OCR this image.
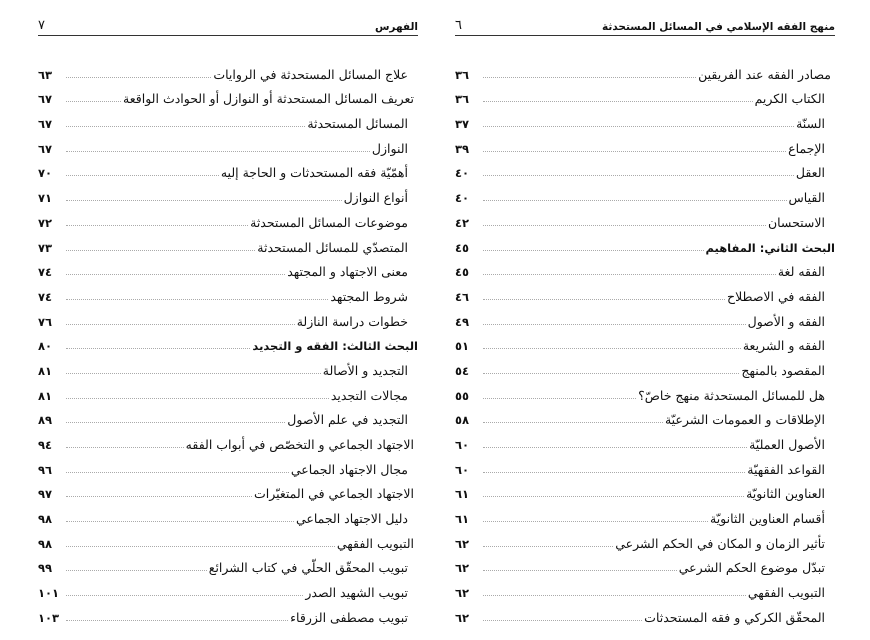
منهج الفقه الإسلامي في المسائل المستحدثة
٦
مصادر الفقه عند الفريقين
٣٦
الكتاب الكريم
٣٦
السنّة
٣٧
الإجماع
٣٩
العقل
٤٠
القياس
٤٠
الاستحسان
٤٢
البحث الثاني: المفاهيم
٤٥
الفقه لغة
٤٥
الفقه في الاصطلاح
٤٦
الفقه و الأصول
٤٩
الفقه و الشريعة
٥١
المقصود بالمنهج
٥٤
هل للمسائل المستحدثة منهج خاصّ؟
٥٥
الإطلاقات و العمومات الشرعيّة
٥٨
الأصول العمليّة
٦٠
القواعد الفقهيّة
٦٠
العناوين الثانويّة
٦١
أقسام العناوين الثانويّة
٦١
تأثير الزمان و المكان في الحكم الشرعي
٦٢
تبدّل موضوع الحكم الشرعي
٦٢
التبويب الفقهي
٦٢
المحقّق الكركي و فقه المستحدثات
٦٢
الفهرس
٧
علاج المسائل المستحدثة في الروايات
٦٣
تعريف المسائل المستحدثة أو النوازل أو الحوادث الواقعة
٦٧
المسائل المستحدثة
٦٧
النوازل
٦٧
أهمّيّة فقه المستحدثات و الحاجة إليه
٧٠
أنواع النوازل
٧١
موضوعات المسائل المستحدثة
٧٢
المتصدّي للمسائل المستحدثة
٧٣
معنى الاجتهاد و المجتهد
٧٤
شروط المجتهد
٧٤
خطوات دراسة النازلة
٧٦
البحث الثالث: الفقه و التجديد
٨٠
التجديد و الأصالة
٨١
مجالات التجديد
٨١
التجديد في علم الأصول
٨٩
الاجتهاد الجماعي و التخصّص في أبواب الفقه
٩٤
مجال الاجتهاد الجماعي
٩٦
الاجتهاد الجماعي في المتغيّرات
٩٧
دليل الاجتهاد الجماعي
٩٨
التبويب الفقهي
٩٨
تبويب المحقّق الحلّي في كتاب الشرائع
٩٩
تبويب الشهيد الصدر
١٠١
تبويب مصطفى الزرقاء
١٠٣
